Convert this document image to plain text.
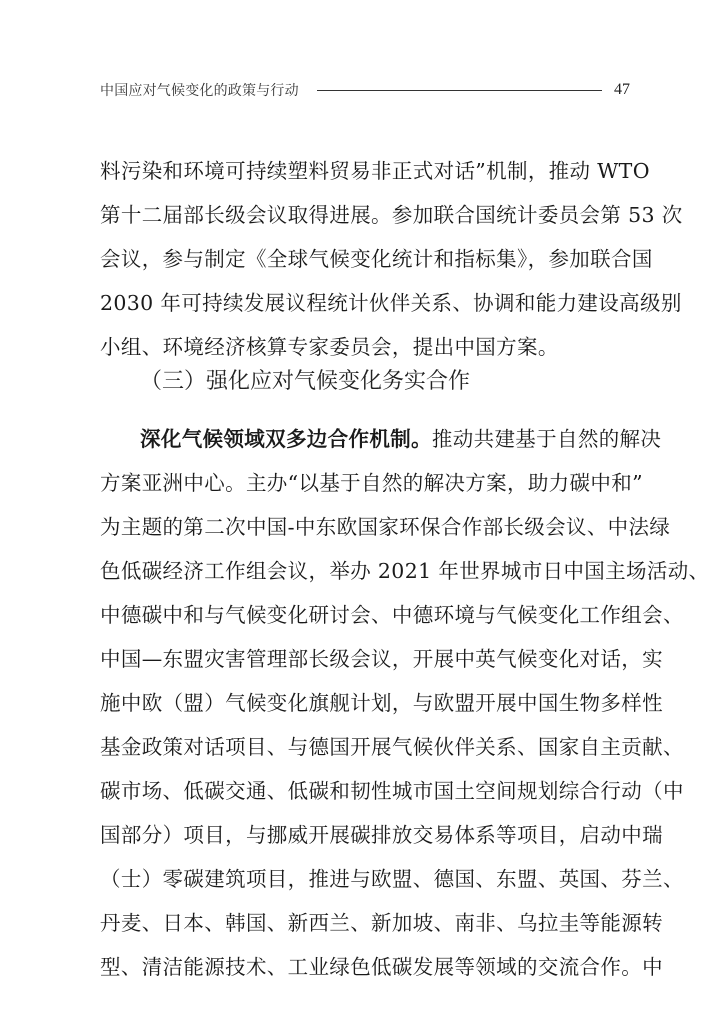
中国应对气候变化的政策与行动	47
料污染和环境可持续塑料贸易非正式对话”机制，推动 WTO
第十二届部长级会议取得进展。参加联合国统计委员会第 53 次
会议，参与制定《全球气候变化统计和指标集》，参加联合国
2030 年可持续发展议程统计伙伴关系、协调和能力建设高级别
小组、环境经济核算专家委员会，提出中国方案。
（三）强化应对气候变化务实合作
深化气候领域双多边合作机制。推动共建基于自然的解决
方案亚洲中心。主办“以基于自然的解决方案，助力碳中和”
为主题的第二次中国-中东欧国家环保合作部长级会议、中法绿
色低碳经济工作组会议，举办 2021 年世界城市日中国主场活动、
中德碳中和与气候变化研讨会、中德环境与气候变化工作组会、
中国—东盟灾害管理部长级会议，开展中英气候变化对话，实
施中欧（盟）气候变化旗舰计划，与欧盟开展中国生物多样性
基金政策对话项目、与德国开展气候伙伴关系、国家自主贡献、
碳市场、低碳交通、低碳和韧性城市国土空间规划综合行动（中
国部分）项目，与挪威开展碳排放交易体系等项目，启动中瑞
（士）零碳建筑项目，推进与欧盟、德国、东盟、英国、芬兰、
丹麦、日本、韩国、新西兰、新加坡、南非、乌拉圭等能源转
型、清洁能源技术、工业绿色低碳发展等领域的交流合作。中
